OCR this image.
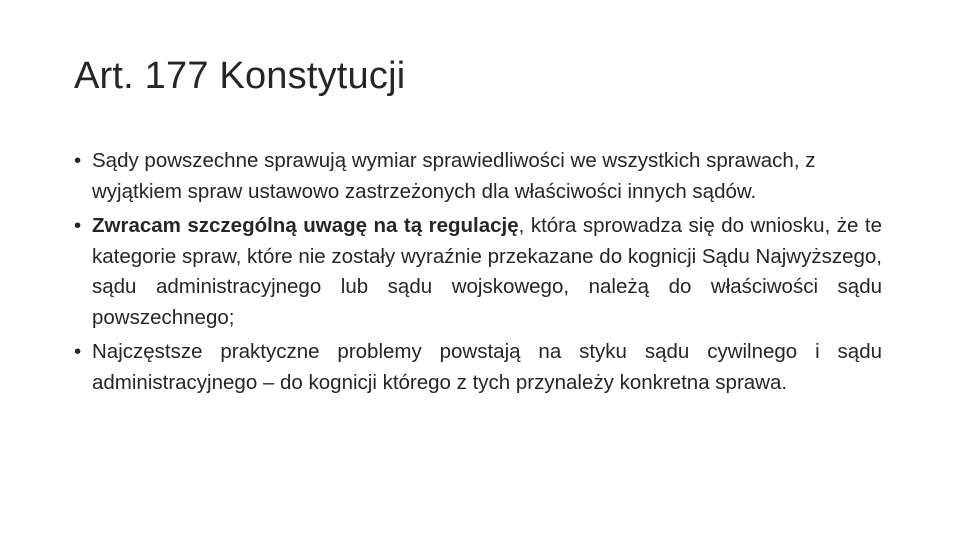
Art. 177 Konstytucji
• Sądy powszechne sprawują wymiar sprawiedliwości we wszystkich sprawach, z wyjątkiem spraw ustawowo zastrzeżonych dla właściwości innych sądów.
• Zwracam szczególną uwagę na tą regulację, która sprowadza się do wniosku, że te kategorie spraw, które nie zostały wyraźnie przekazane do kognicji Sądu Najwyższego, sądu administracyjnego lub sądu wojskowego, należą do właściwości sądu powszechnego;
• Najczęstsze praktyczne problemy powstają na styku sądu cywilnego i sądu administracyjnego – do kognicji którego z tych przynależy konkretna sprawa.
